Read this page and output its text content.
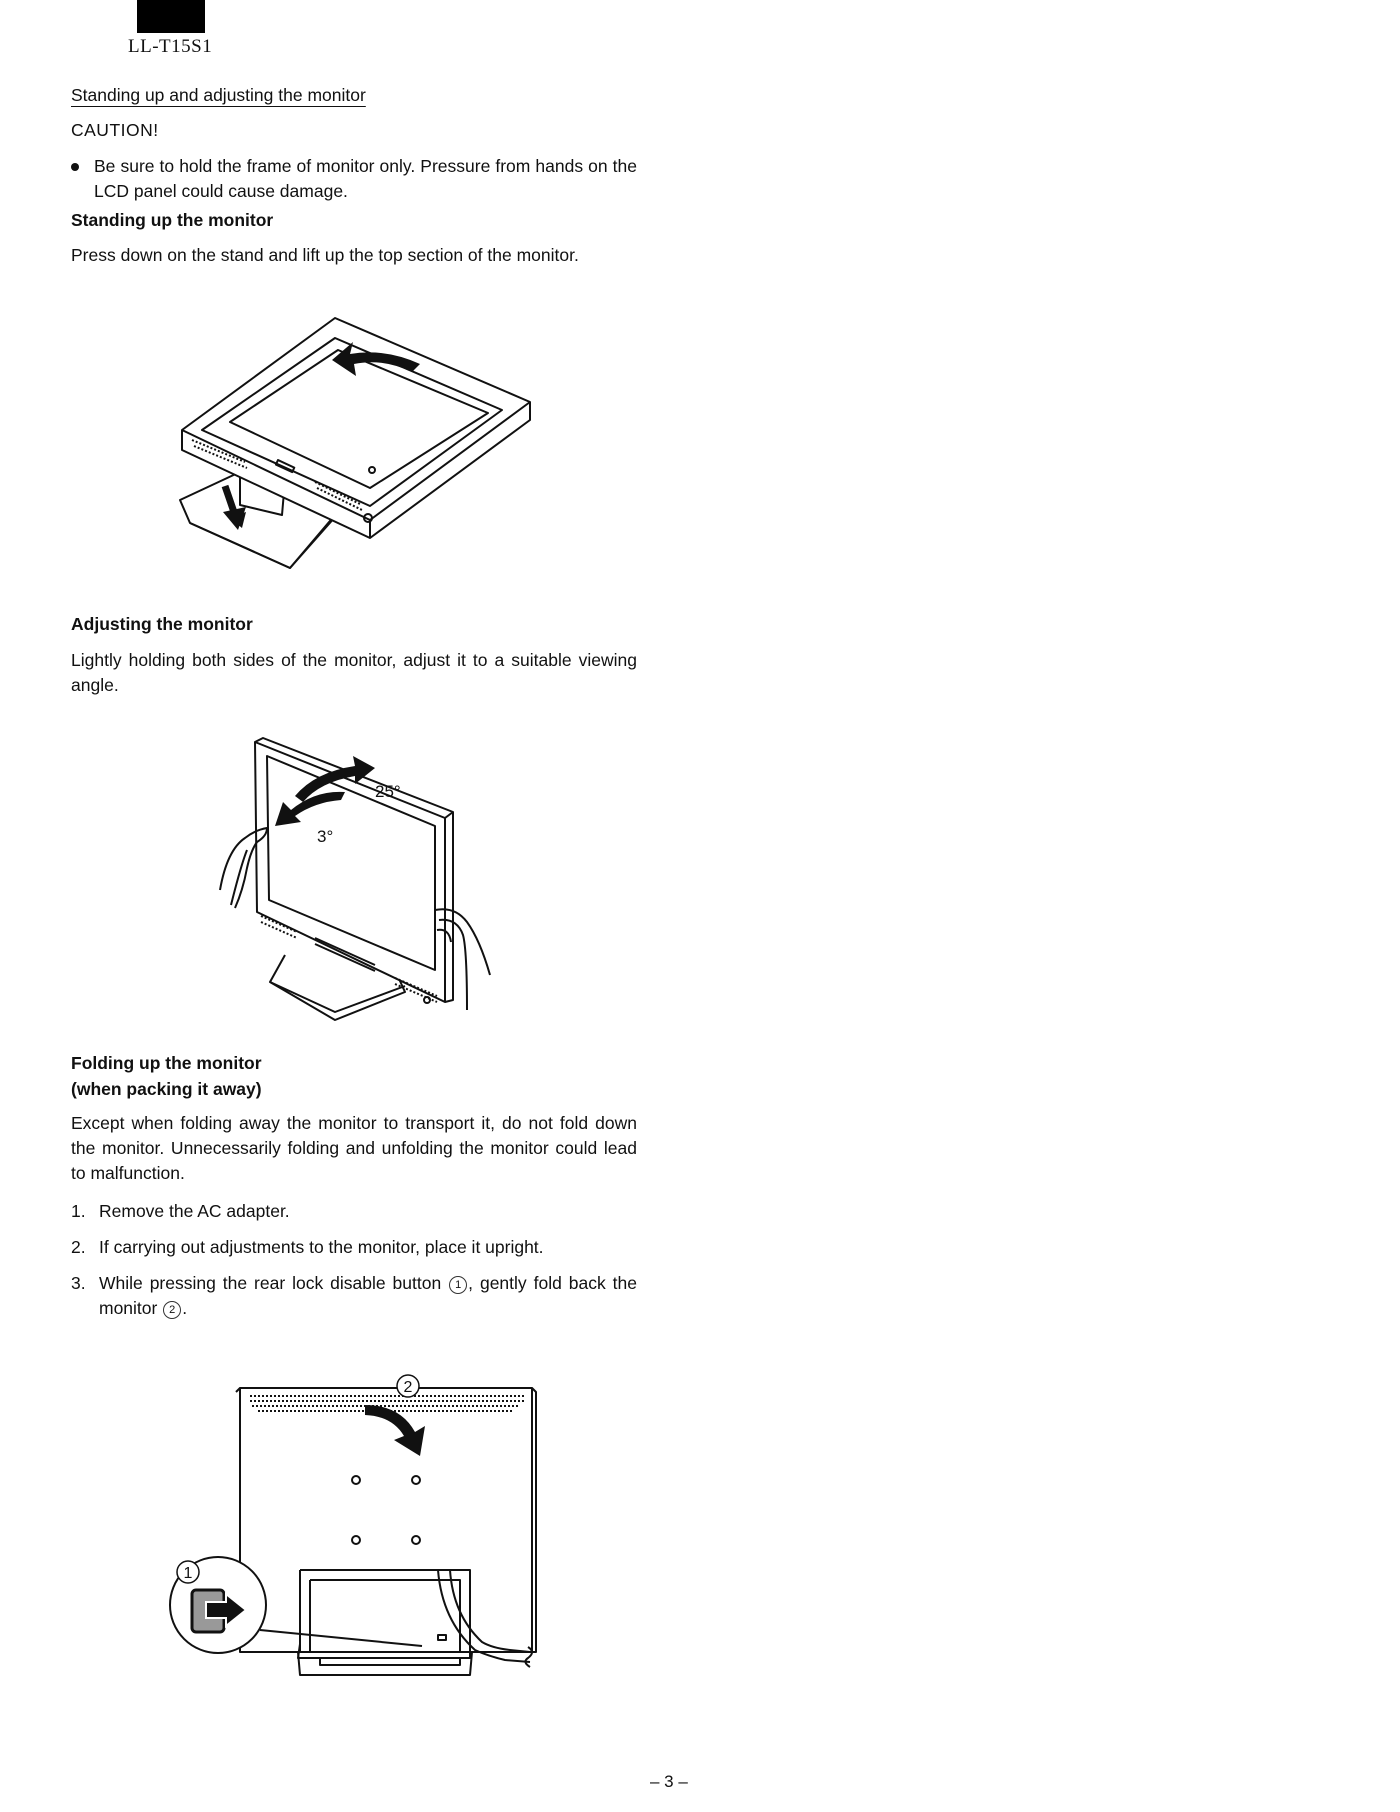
LL-T15S1
Standing up and adjusting the monitor
CAUTION!
Be sure to hold the frame of monitor only. Pressure from hands on the LCD panel could cause damage.
Standing up the monitor
Press down on the stand and lift up the top section of the monitor.
Adjusting the monitor
Lightly holding both sides of the monitor, adjust it to a suitable viewing angle.
Folding up the monitor
(when packing it away)
Except when folding away the monitor to transport it, do not fold down the monitor. Unnecessarily folding and unfolding the monitor could lead to malfunction.
1. Remove the AC adapter.
2. If carrying out adjustments to the monitor, place it upright.
3. While pressing the rear lock disable button 1 , gently fold back the monitor 2 .
25°
3°
2
1
– 3 –
